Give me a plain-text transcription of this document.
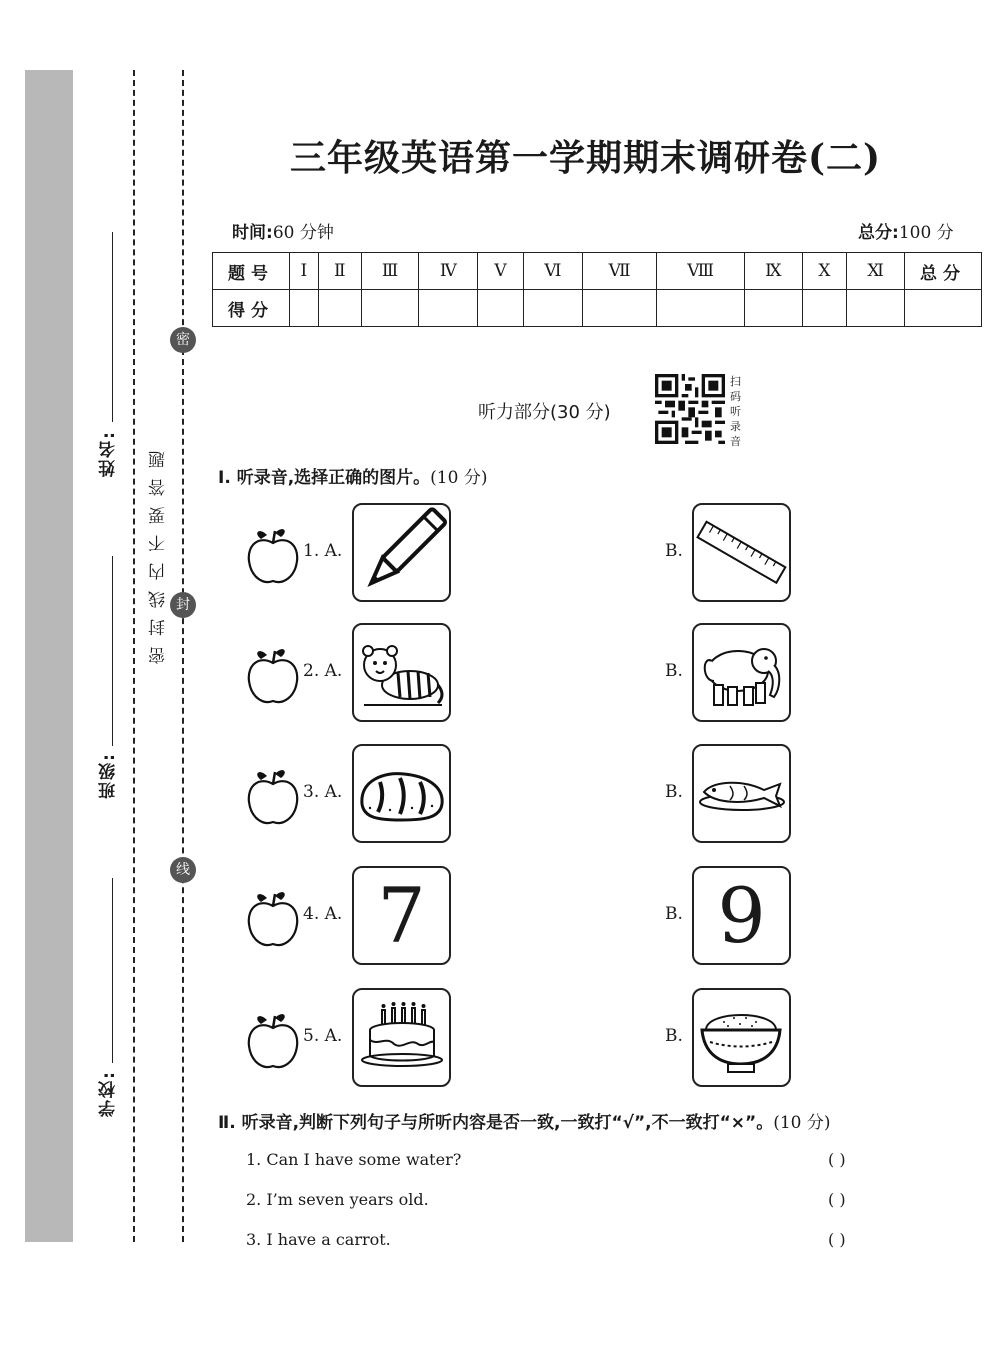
姓名:
班级:
学校:
密封线内不要答题
密
封
线
三年级英语第一学期期末调研卷(二)
时间:60 分钟	总分:100 分
题号	Ⅰ	Ⅱ	Ⅲ	Ⅳ	Ⅴ	Ⅵ	Ⅶ	Ⅷ	Ⅸ	Ⅹ	Ⅺ	总分
得分												
听力部分(30 分)
扫码听录音
Ⅰ. 听录音,选择正确的图片。(10 分)
1. A.	B.
2. A.	B.
3. A.	B.
4. A. 7	B. 9
5. A.	B.
Ⅱ. 听录音,判断下列句子与所听内容是否一致,一致打“√”,不一致打“×”。(10 分)
1. Can I have some water?	( )
2. I’m seven years old.	( )
3. I have a carrot.	( )
